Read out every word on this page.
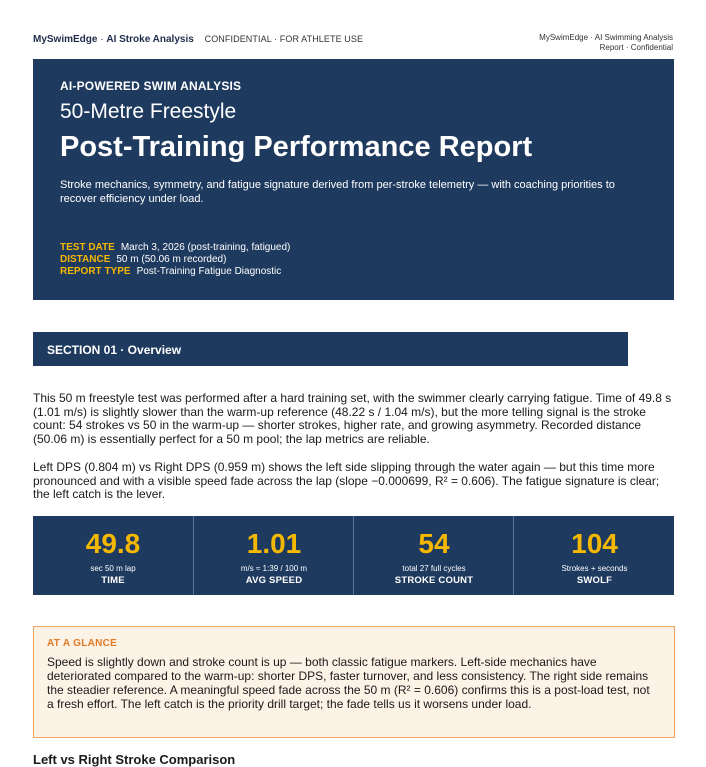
MySwimEdge · AI Stroke Analysis CONFIDENTIAL · FOR ATHLETE USE	MySwimEdge · AI Swimming Analysis
Report · Confidential
AI-POWERED SWIM ANALYSIS
50-Metre Freestyle
Post-Training Performance Report
Stroke mechanics, symmetry, and fatigue signature derived from per-stroke telemetry — with coaching priorities to recover efficiency under load.
TEST DATE March 3, 2026 (post-training, fatigued)
DISTANCE 50 m (50.06 m recorded)
REPORT TYPE Post-Training Fatigue Diagnostic
SECTION 01 · Overview
This 50 m freestyle test was performed after a hard training set, with the swimmer clearly carrying fatigue. Time of 49.8 s (1.01 m/s) is slightly slower than the warm-up reference (48.22 s / 1.04 m/s), but the more telling signal is the stroke count: 54 strokes vs 50 in the warm-up — shorter strokes, higher rate, and growing asymmetry. Recorded distance (50.06 m) is essentially perfect for a 50 m pool; the lap metrics are reliable.
Left DPS (0.804 m) vs Right DPS (0.959 m) shows the left side slipping through the water again — but this time more pronounced and with a visible speed fade across the lap (slope −0.000699, R² = 0.606). The fatigue signature is clear; the left catch is the lever.
49.8
sec 50 m lap
TIME
1.01
m/s ≈ 1:39 / 100 m
AVG SPEED
54
total 27 full cycles
STROKE COUNT
104
Strokes + seconds
SWOLF
AT A GLANCE
Speed is slightly down and stroke count is up — both classic fatigue markers. Left-side mechanics have deteriorated compared to the warm-up: shorter DPS, faster turnover, and less consistency. The right side remains the steadier reference. A meaningful speed fade across the 50 m (R² = 0.606) confirms this is a post-load test, not a fresh effort. The left catch is the priority drill target; the fade tells us it worsens under load.
Left vs Right Stroke Comparison
